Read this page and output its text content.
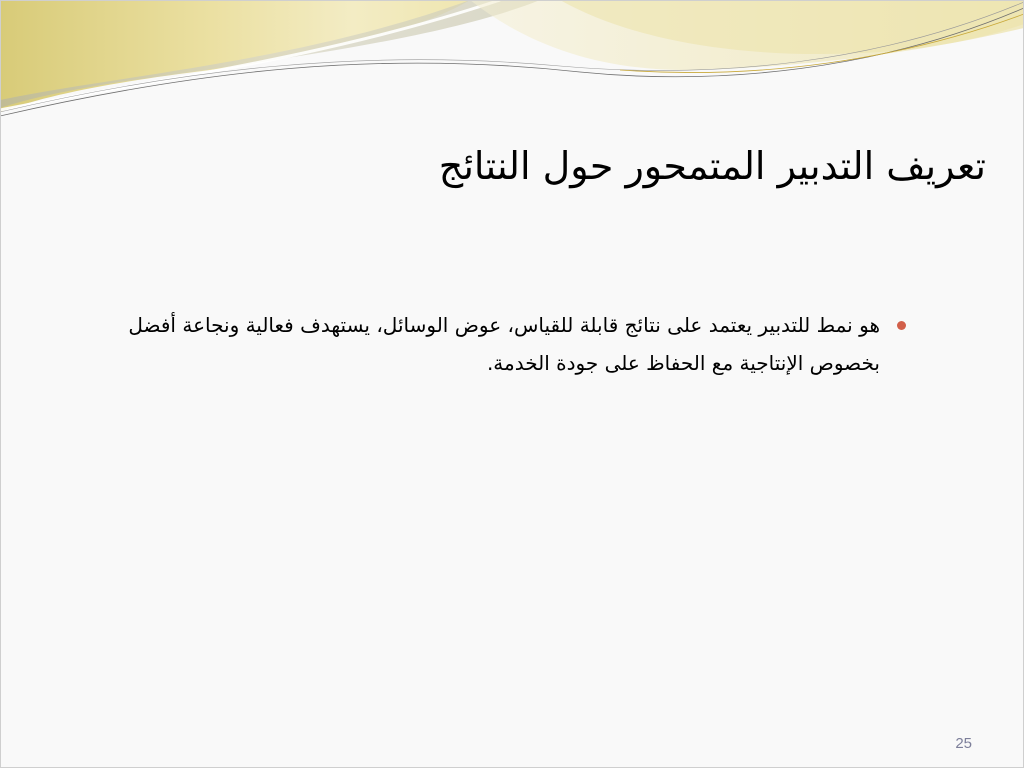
تعريف التدبير المتمحور حول النتائج
هو نمط للتدبير يعتمد على نتائج قابلة للقياس، عوض الوسائل، يستهدف فعالية ونجاعة أفضل بخصوص الإنتاجية مع الحفاظ على جودة الخدمة.
25
